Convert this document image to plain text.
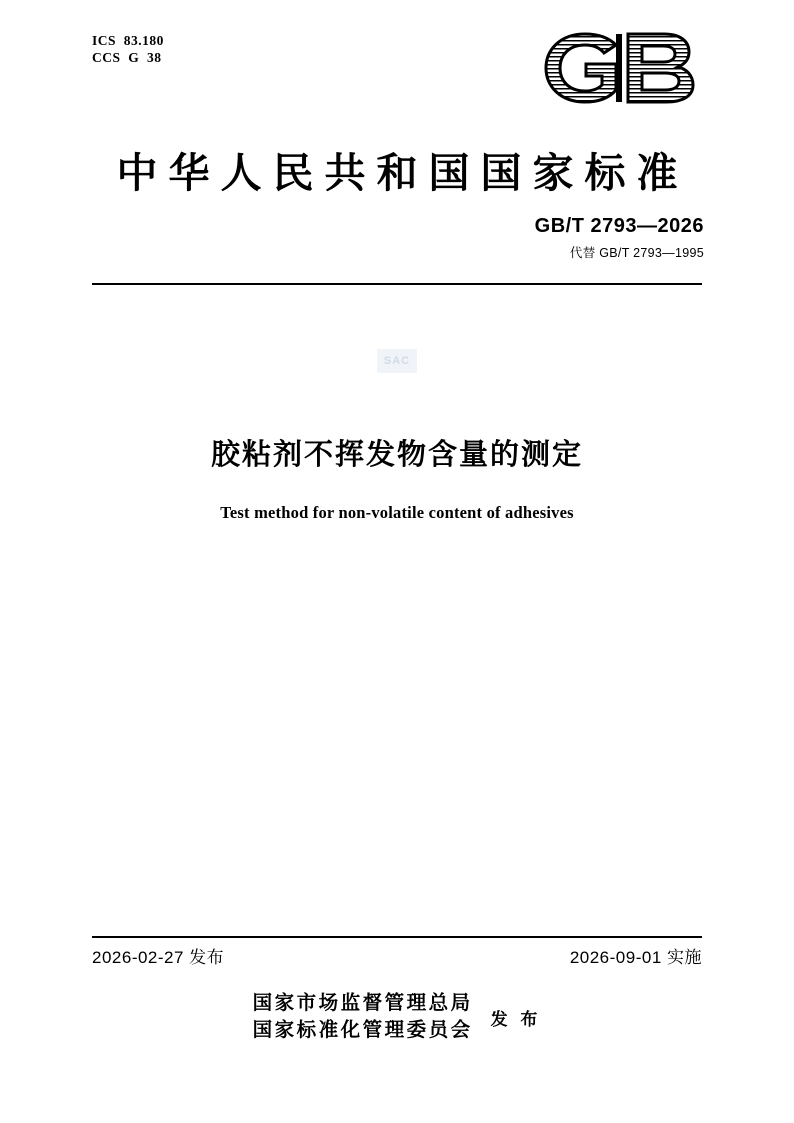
ICS  83.180
CCS  G  38
中华人民共和国国家标准
GB/T 2793—2026
代替 GB/T 2793—1995
SAC
胶粘剂不挥发物含量的测定
Test method for non-volatile content of adhesives
2026-02-27 发布	2026-09-01 实施
国家市场监督管理总局
国家标准化管理委员会 发 布
